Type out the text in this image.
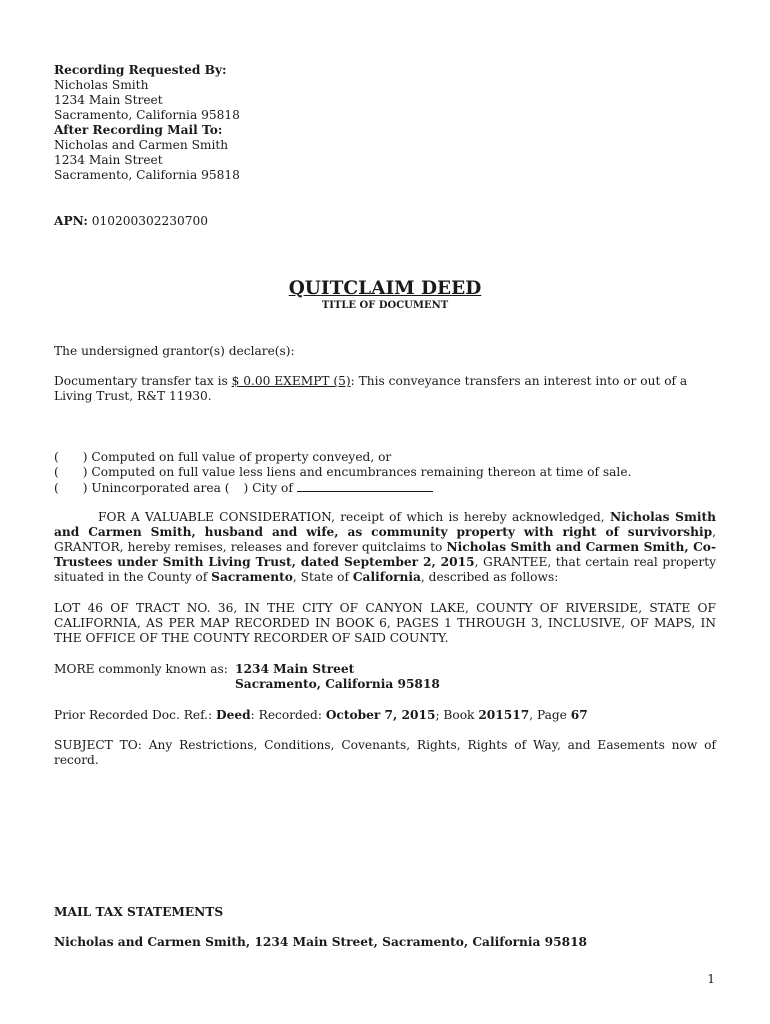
Recording Requested By:
Nicholas Smith
1234 Main Street
Sacramento, California 95818
After Recording Mail To:
Nicholas and Carmen Smith
1234 Main Street
Sacramento, California 95818
APN: 010200302230700
QUITCLAIM DEED
TITLE OF DOCUMENT
The undersigned grantor(s) declare(s):
Documentary transfer tax is $ 0.00 EXEMPT (5): This conveyance transfers an interest into or out of a Living Trust, R&T 11930.
( ) Computed on full value of property conveyed, or
( ) Computed on full value less liens and encumbrances remaining thereon at time of sale.
( ) Unincorporated area ( ) City of
FOR A VALUABLE CONSIDERATION, receipt of which is hereby acknowledged, Nicholas Smith and Carmen Smith, husband and wife, as community property with right of survivorship, GRANTOR, hereby remises, releases and forever quitclaims to Nicholas Smith and Carmen Smith, Co-Trustees under Smith Living Trust, dated September 2, 2015, GRANTEE, that certain real property situated in the County of Sacramento, State of California, described as follows:
LOT 46 OF TRACT NO. 36, IN THE CITY OF CANYON LAKE, COUNTY OF RIVERSIDE, STATE OF CALIFORNIA, AS PER MAP RECORDED IN BOOK 6, PAGES 1 THROUGH 3, INCLUSIVE, OF MAPS, IN THE OFFICE OF THE COUNTY RECORDER OF SAID COUNTY.
MORE commonly known as: 1234 Main Street
Sacramento, California 95818
Prior Recorded Doc. Ref.: Deed: Recorded: October 7, 2015; Book 201517, Page 67
SUBJECT TO: Any Restrictions, Conditions, Covenants, Rights, Rights of Way, and Easements now of record.
MAIL TAX STATEMENTS
Nicholas and Carmen Smith, 1234 Main Street, Sacramento, California 95818
1
